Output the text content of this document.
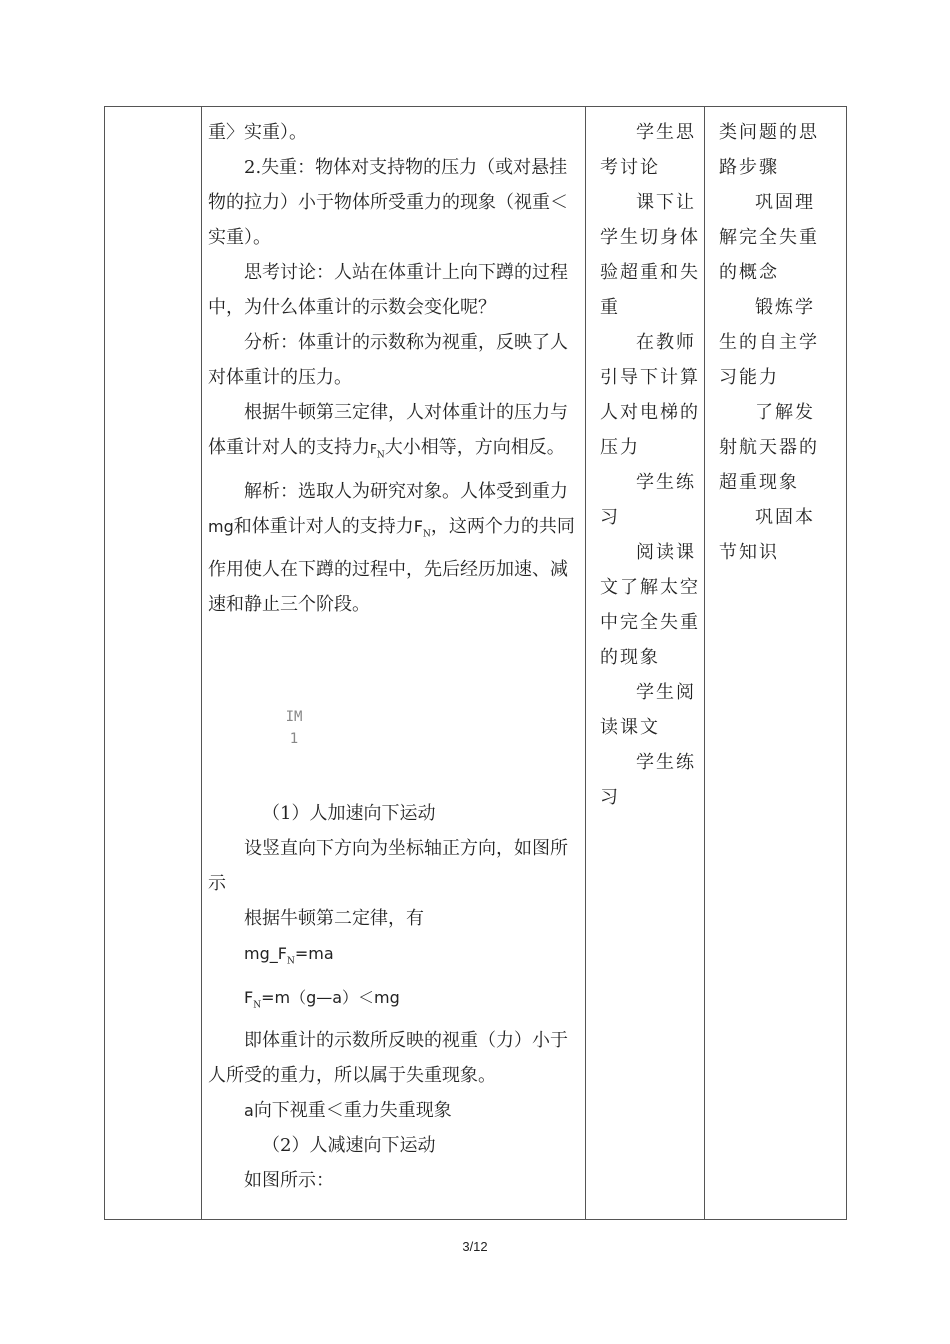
重〉实重）。

2.失重：物体对支持物的压力（或对悬挂物的拉力）小于物体所受重力的现象（视重＜实重）。

思考讨论：人站在体重计上向下蹲的过程中，为什么体重计的示数会变化呢？

分析：体重计的示数称为视重，反映了人对体重计的压力。

根据牛顿第三定律，人对体重计的压力与体重计对人的支持力$F_N$大小相等，方向相反。

解析：选取人为研究对象。人体受到重力mg和体重计对人的支持力$F_N$，这两个力的共同作用使人在下蹲的过程中，先后经历加速、减速和静止三个阶段。

IM 1

（1）人加速向下运动

设竖直向下方向为坐标轴正方向，如图所示

根据牛顿第二定律，有

$mg\_F_N=ma$

$F_N=m(g—a)<mg$

即体重计的示数所反映的视重（力）小于人所受的重力，所以属于失重现象。

a向下视重＜重力失重现象

（2）人减速向下运动

如图所示：

学生思考讨论

课下让学生切身体验超重和失重

在教师引导下计算人对电梯的压力

学生练习

阅读课文了解太空中完全失重的现象

学生阅读课文

学生练习

类问题的思路步骤

巩固理解完全失重的概念

锻炼学生的自主学习能力

了解发射航天器的超重现象

巩固本节知识

3/12
